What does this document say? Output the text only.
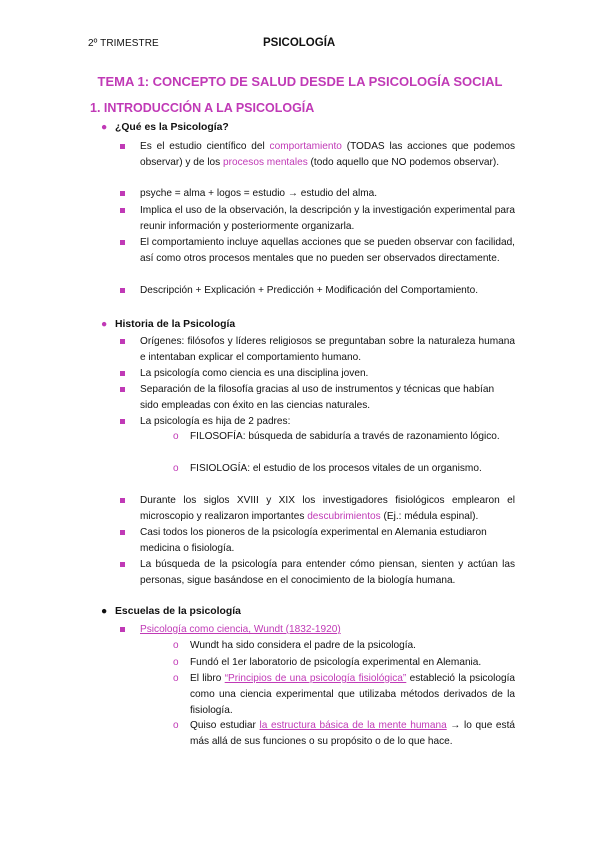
2º TRIMESTRE	PSICOLOGÍA
TEMA 1: CONCEPTO DE SALUD DESDE LA PSICOLOGÍA SOCIAL
1. INTRODUCCIÓN A LA PSICOLOGÍA
● ¿Qué es la Psicología?
Es el estudio científico del comportamiento (TODAS las acciones que podemos observar) y de los procesos mentales (todo aquello que NO podemos observar).
psyche = alma + logos = estudio → estudio del alma.
Implica el uso de la observación, la descripción y la investigación experimental para reunir información y posteriormente organizarla.
El comportamiento incluye aquellas acciones que se pueden observar con facilidad, así como otros procesos mentales que no pueden ser observados directamente.
Descripción + Explicación + Predicción + Modificación del Comportamiento.
● Historia de la Psicología
Orígenes: filósofos y líderes religiosos se preguntaban sobre la naturaleza humana e intentaban explicar el comportamiento humano.
La psicología como ciencia es una disciplina joven.
Separación de la filosofía gracias al uso de instrumentos y técnicas que habían sido empleadas con éxito en las ciencias naturales.
La psicología es hija de 2 padres:
o FILOSOFÍA: búsqueda de sabiduría a través de razonamiento lógico.
o FISIOLOGÍA: el estudio de los procesos vitales de un organismo.
Durante los siglos XVIII y XIX los investigadores fisiológicos emplearon el microscopio y realizaron importantes descubrimientos (Ej.: médula espinal).
Casi todos los pioneros de la psicología experimental en Alemania estudiaron medicina o fisiología.
La búsqueda de la psicología para entender cómo piensan, sienten y actúan las personas, sigue basándose en el conocimiento de la biología humana.
● Escuelas de la psicología
Psicología como ciencia, Wundt (1832-1920)
o Wundt ha sido considera el padre de la psicología.
o Fundó el 1er laboratorio de psicología experimental en Alemania.
o El libro “Principios de una psicología fisiológica” estableció la psicología como una ciencia experimental que utilizaba métodos derivados de la fisiología.
o Quiso estudiar la estructura básica de la mente humana → lo que está más allá de sus funciones o su propósito o de lo que hace.
